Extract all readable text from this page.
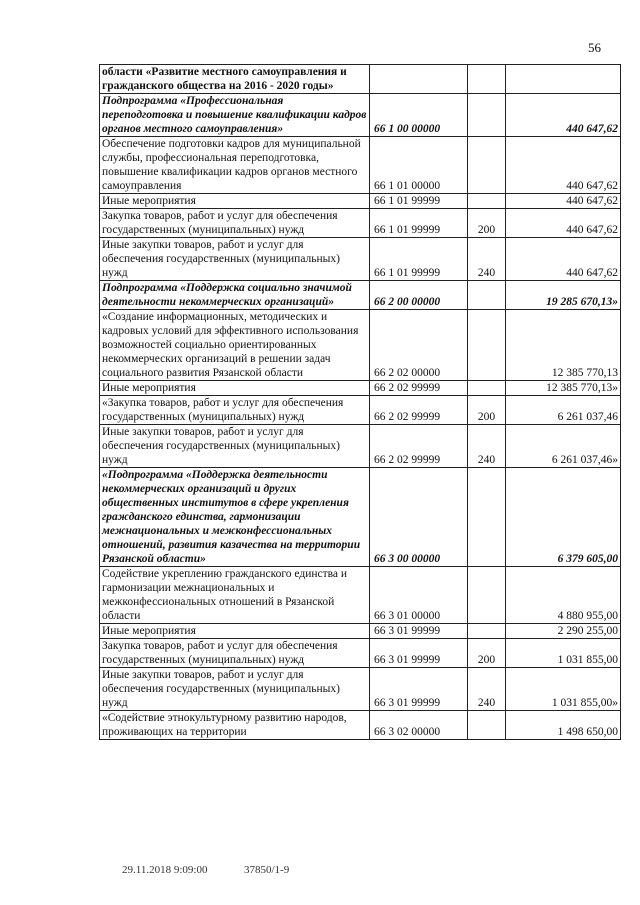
56
области «Развитие местного самоуправления и гражданского общества на 2016 - 2020 годы»			
Подпрограмма «Профессиональная переподготовка и повышение квалификации кадров органов местного самоуправления»	66 1 00 00000		440 647,62
Обеспечение подготовки кадров для муниципальной службы, профессиональная переподготовка, повышение квалификации кадров органов местного самоуправления	66 1 01 00000		440 647,62
Иные мероприятия	66 1 01 99999		440 647,62
Закупка товаров, работ и услуг для обеспечения государственных (муниципальных) нужд	66 1 01 99999	200	440 647,62
Иные закупки товаров, работ и услуг для обеспечения государственных (муниципальных) нужд	66 1 01 99999	240	440 647,62
Подпрограмма «Поддержка социально значимой деятельности некоммерческих организаций»	66 2 00 00000		19 285 670,13»
«Создание информационных, методических и кадровых условий для эффективного использования возможностей социально ориентированных некоммерческих организаций в решении задач социального развития Рязанской области	66 2 02 00000		12 385 770,13
Иные мероприятия	66 2 02 99999		12 385 770,13»
«Закупка товаров, работ и услуг для обеспечения государственных (муниципальных) нужд	66 2 02 99999	200	6 261 037,46
Иные закупки товаров, работ и услуг для обеспечения государственных (муниципальных) нужд	66 2 02 99999	240	6 261 037,46»
«Подпрограмма «Поддержка деятельности некоммерческих организаций и других общественных институтов в сфере укрепления гражданского единства, гармонизации межнациональных и межконфессиональных отношений, развития казачества на территории Рязанской области»	66 3 00 00000		6 379 605,00
Содействие укреплению гражданского единства и гармонизации межнациональных и межконфессиональных отношений в Рязанской области	66 3 01 00000		4 880 955,00
Иные мероприятия	66 3 01 99999		2 290 255,00
Закупка товаров, работ и услуг для обеспечения государственных (муниципальных) нужд	66 3 01 99999	200	1 031 855,00
Иные закупки товаров, работ и услуг для обеспечения государственных (муниципальных) нужд	66 3 01 99999	240	1 031 855,00»
«Содействие этнокультурному развитию народов, проживающих на территории	66 3 02 00000		1 498 650,00
29.11.2018 9:09:00	37850/1-9
